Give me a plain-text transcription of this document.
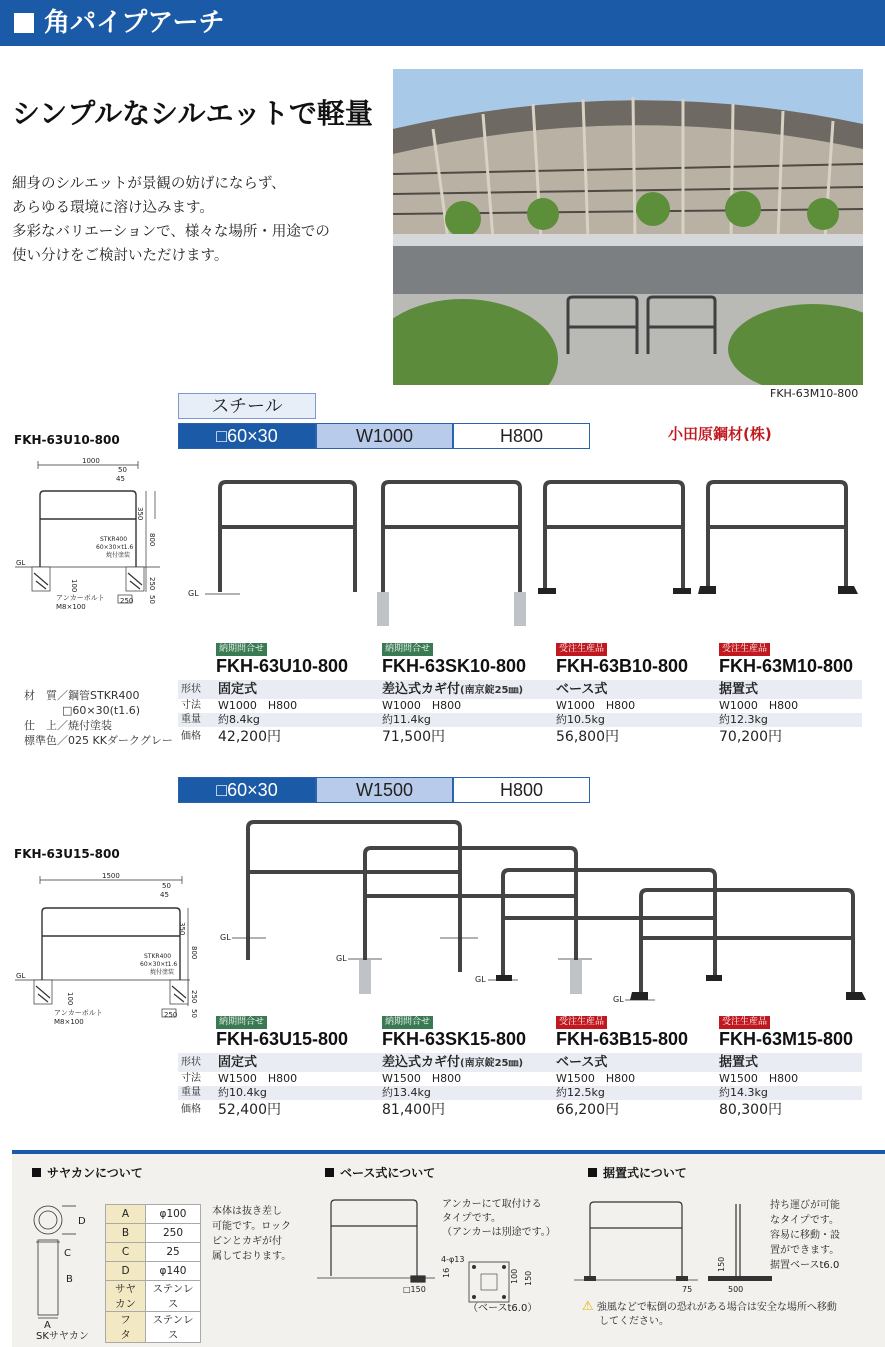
角パイプアーチ
シンプルなシルエットで軽量
細身のシルエットが景観の妨げにならず、
あらゆる環境に溶け込みます。
多彩なバリエーションで、様々な場所・用途での
使い分けをご検討いただけます。
FKH-63M10-800
スチール
□60×30	W1000	H800	小田原鋼材(株)
FKH-63U10-800
1000
50
45
350
800
250
100
50
250
STKR400
60×30×t1.6
焼付塗装
GL
アンカーボルト
M8×100
GL
材　質／鋼管STKR400
□60×30(t1.6)
仕　上／焼付塗装
標準色／025 KKダークグレー
納期問合せ	納期問合せ	受注生産品	受注生産品
FKH-63U10-800 FKH-63SK10-800 FKH-63B10-800 FKH-63M10-800
形状 固定式	差込式カギ付(南京錠25㎜)	ベース式	据置式
寸法 W1000　H800	W1000　H800	W1000　H800	W1000　H800
重量 約8.4kg	約11.4kg	約10.5kg	約12.3kg
価格 42,200円	71,500円	56,800円	70,200円
□60×30	W1500	H800
FKH-63U15-800
1500
50
45
350
800
250
100
50
250
STKR400
60×30×t1.6
焼付塗装
GL
アンカーボルト
M8×100
GL
GL
GL
GL
納期問合せ	納期問合せ	受注生産品	受注生産品
FKH-63U15-800 FKH-63SK15-800 FKH-63B15-800 FKH-63M15-800
形状 固定式	差込式カギ付(南京錠25㎜)	ベース式	据置式
寸法 W1500　H800	W1500　H800	W1500　H800	W1500　H800
重量 約10.4kg	約13.4kg	約12.5kg	約14.3kg
価格 52,400円	81,400円	66,200円	80,300円
サヤカンについて
D
C
B
A
SKサヤカン
A	φ100
B	250
C	25
D	φ140
サヤカン	ステンレス
フ　タ	ステンレス
本体は抜き差し
可能です。ロック
ピンとカギが付
属しております。
ベース式について
4-φ13
16	100 150
□150
アンカーにて取付ける
タイプです。
（アンカーは別途です。）
（ベースt6.0）
据置式について
150
75	500
持ち運びが可能
なタイプです。
容易に移動・設
置ができます。
据置ベースt6.0
⚠ 強風などで転倒の恐れがある場合は安全な場所へ移動
してください。
